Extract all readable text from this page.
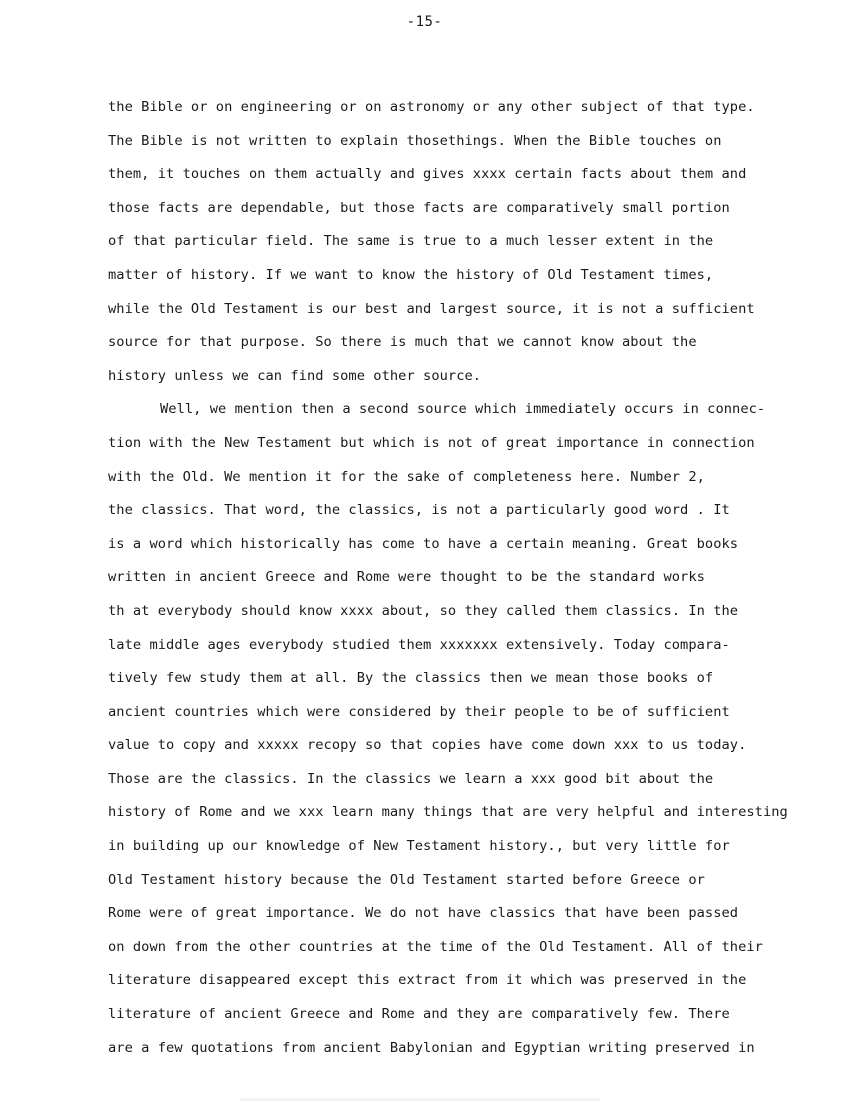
-15-
the Bible or on engineering or on astronomy or any other subject of that type.
The Bible is not written to explain thosethings. When the Bible touches on
them, it touches on them actually and gives xxxx certain facts about them and
those facts are dependable, but those facts are comparatively small portion
of that particular field. The same is true to a much lesser extent in the
matter of history. If we want to know the history of Old Testament times,
while the Old Testament is our best and largest source, it is not a sufficient
source for that purpose. So there is much that we cannot know about the
history unless we can find some other source.
Well, we mention then a second source which immediately occurs in connec-
tion with the New Testament but which is not of great importance in connection
with the Old. We mention it for the sake of completeness here. Number 2,
the classics. That word, the classics, is not a particularly good word . It
is a word which historically has come to have a certain meaning. Great books
written in ancient Greece and Rome were thought to be the standard works
th at everybody should know xxxx about, so they called them classics. In the
late middle ages everybody studied them xxxxxxx extensively. Today compara-
tively few study them at all. By the classics then we mean those books of
ancient countries which were considered by their people to be of sufficient
value to copy and xxxxx recopy so that copies have come down xxx to us today.
Those are the classics. In the classics we learn a xxx good bit about the
history of Rome and we xxx learn many things that are very helpful and interesting
in building up our knowledge of New Testament history., but very little for
Old Testament history because the Old Testament started before Greece or
Rome were of great importance. We do not have classics that have been passed
on down from the other countries at the time of the Old Testament. All of their
literature disappeared except this extract from it which was preserved in the
literature of ancient Greece and Rome and they are comparatively few. There
are a few quotations from ancient Babylonian and Egyptian writing preserved in
